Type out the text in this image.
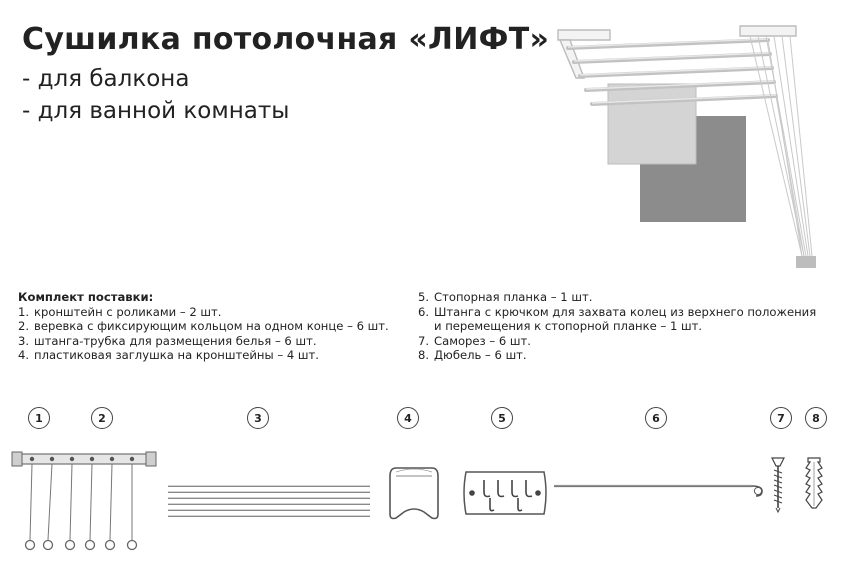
Сушилка потолочная «ЛИФТ»
- для балкона
- для ванной комнаты
Комплект поставки:
1. кронштейн с роликами – 2 шт.
2. веревка с фиксирующим кольцом на одном конце – 6 шт.
3. штанга-трубка для размещения белья – 6 шт.
4. пластиковая заглушка на кронштейны – 4 шт.
5. Стопорная планка – 1 шт.
6. Штанга с крючком для захвата колец из верхнего положения
и перемещения к стопорной планке – 1 шт.
7. Саморез – 6 шт.
8. Дюбель – 6 шт.
1	2	3	4	5	6	7	8
